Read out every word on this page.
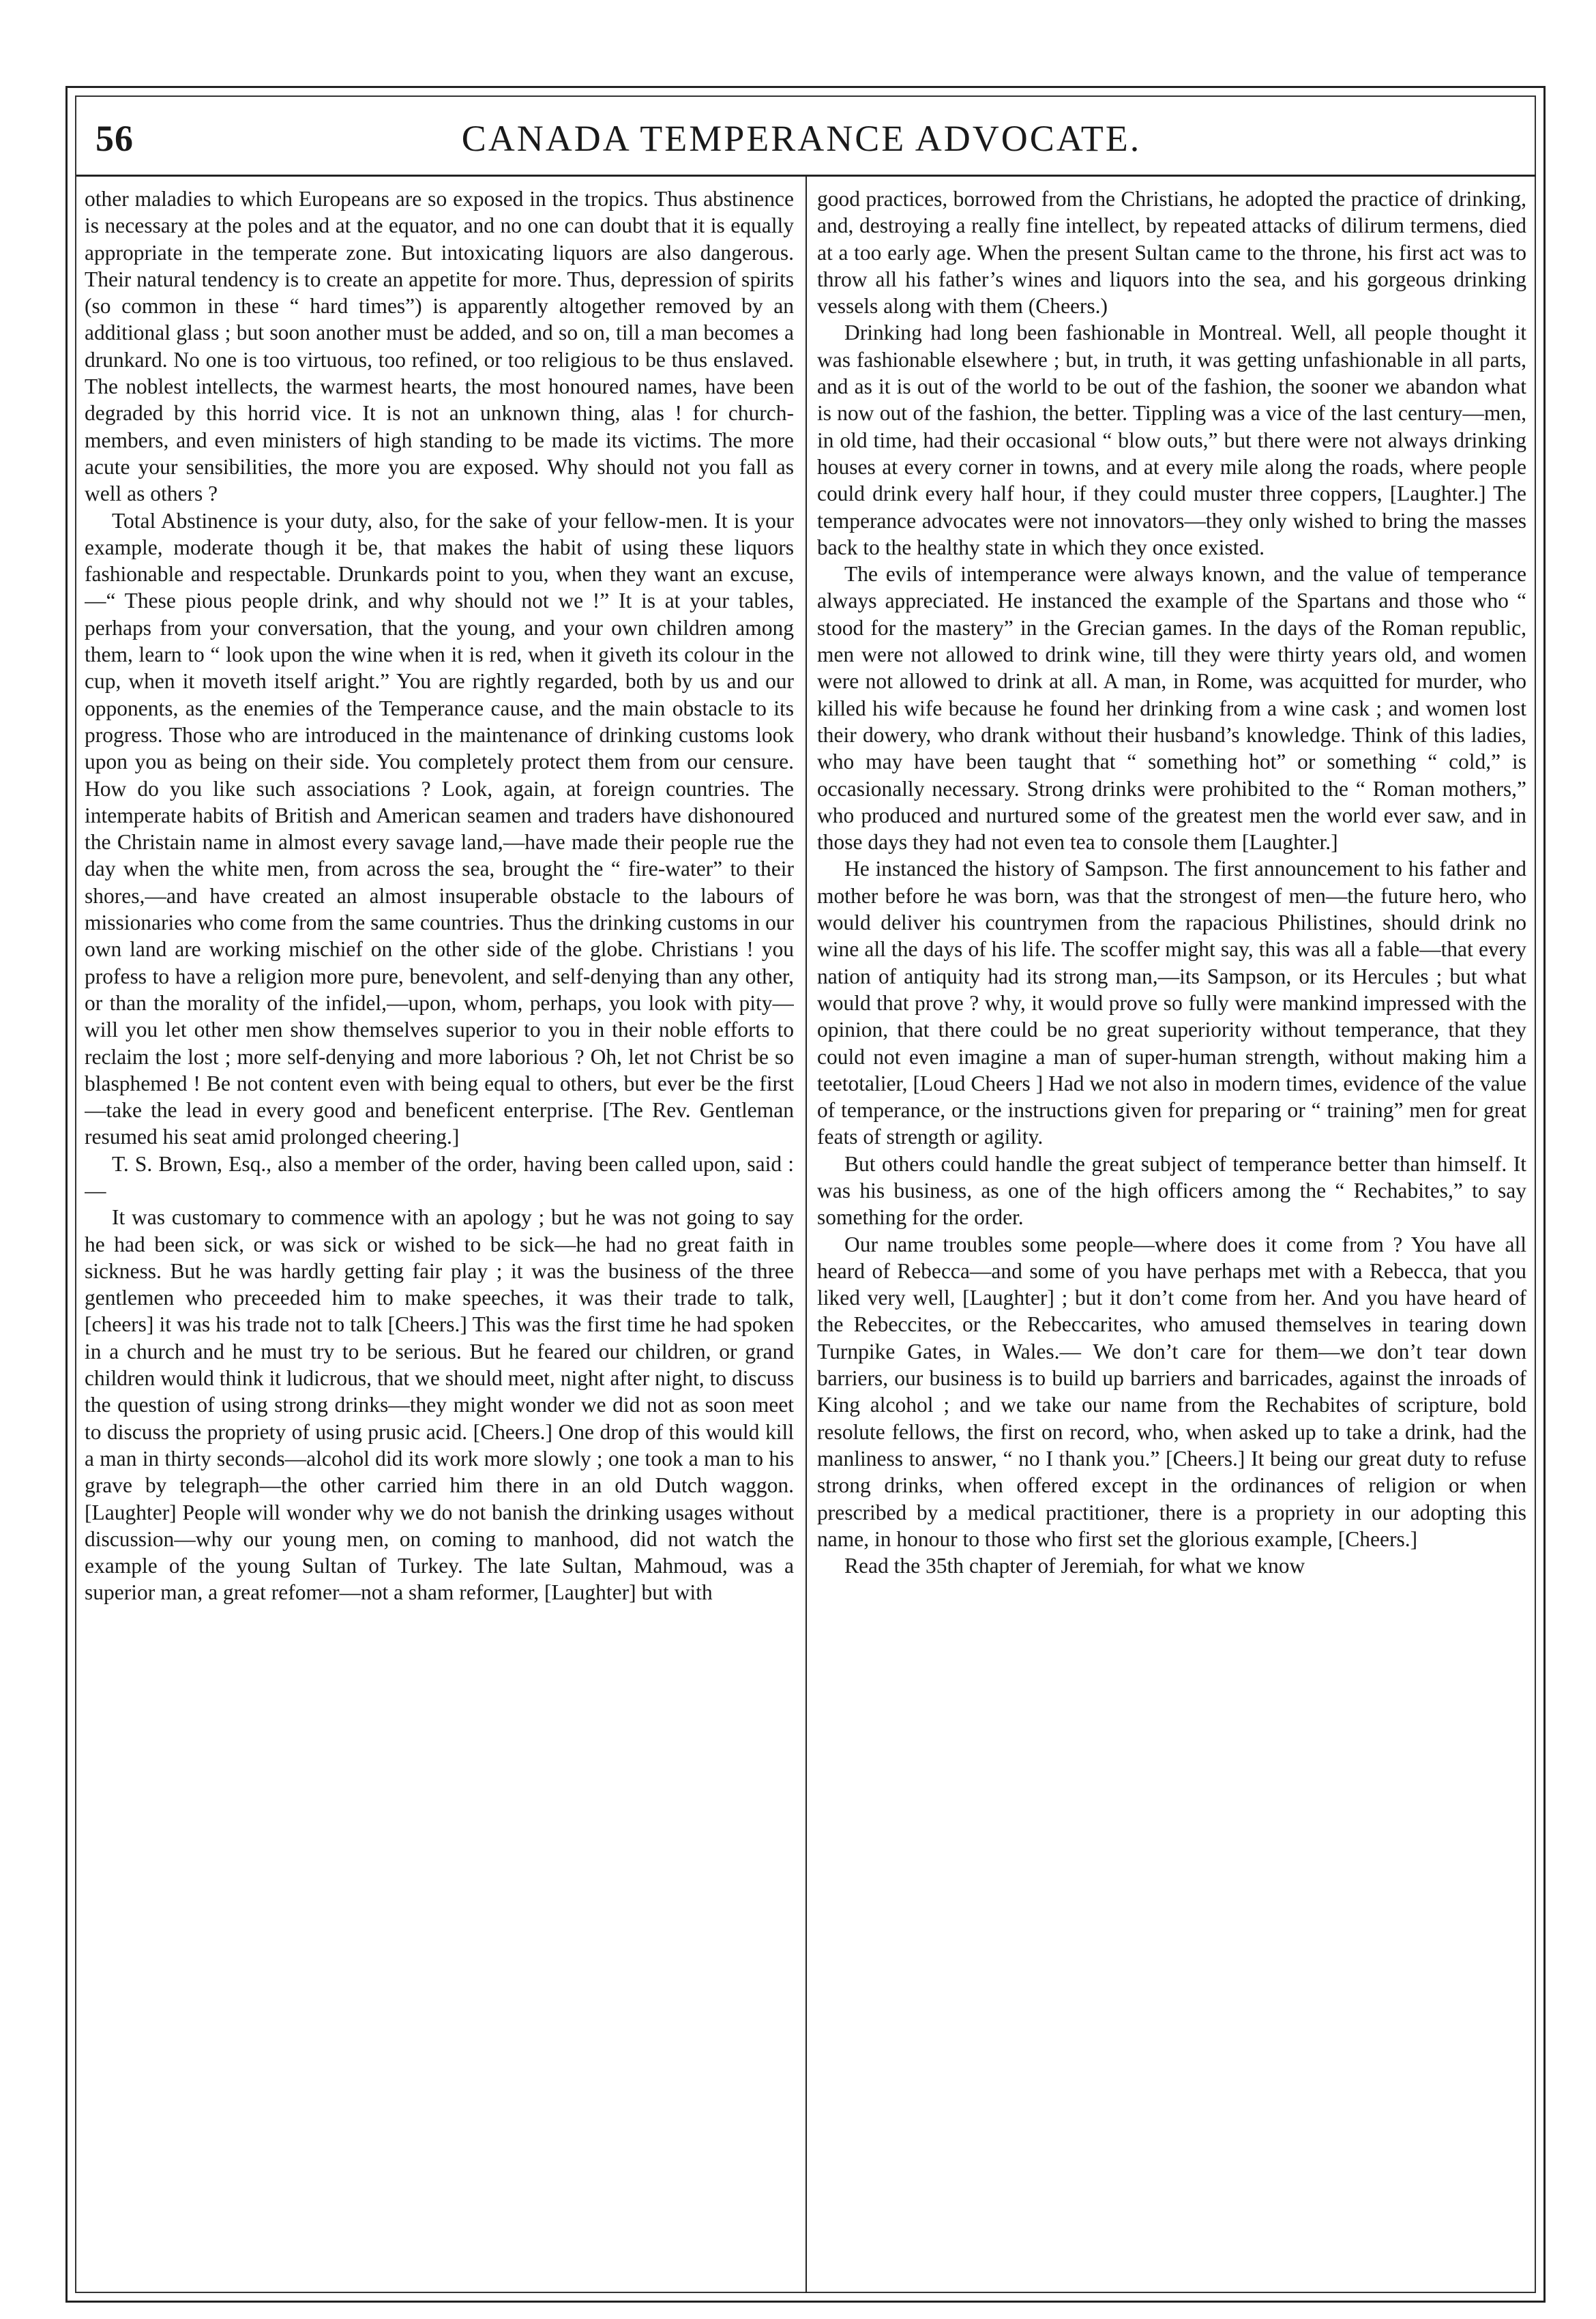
56	CANADA TEMPERANCE ADVOCATE.

other maladies to which Europeans are so exposed in the tropics. Thus abstinence is necessary at the poles and at the equator, and no one can doubt that it is equally appropriate in the temperate zone. But intoxicating liquors are also dangerous. Their natural tendency is to create an appetite for more. Thus, depression of spirits (so common in these “ hard times”) is apparently altogether removed by an additional glass ; but soon another must be added, and so on, till a man becomes a drunkard. No one is too virtuous, too refined, or too religious to be thus enslaved. The noblest intellects, the warmest hearts, the most honoured names, have been degraded by this horrid vice. It is not an unknown thing, alas ! for church-members, and even ministers of high standing to be made its victims. The more acute your sensibilities, the more you are exposed. Why should not you fall as well as others ?

Total Abstinence is your duty, also, for the sake of your fellow-men. It is your example, moderate though it be, that makes the habit of using these liquors fashionable and respectable. Drunkards point to you, when they want an excuse,—“ These pious people drink, and why should not we !” It is at your tables, perhaps from your conversation, that the young, and your own children among them, learn to “ look upon the wine when it is red, when it giveth its colour in the cup, when it moveth itself aright.” You are rightly regarded, both by us and our opponents, as the enemies of the Temperance cause, and the main obstacle to its progress. Those who are introduced in the maintenance of drinking customs look upon you as being on their side. You completely protect them from our censure. How do you like such associations ? Look, again, at foreign countries. The intemperate habits of British and American seamen and traders have dishonoured the Christain name in almost every savage land,—have made their people rue the day when the white men, from across the sea, brought the “ fire-water” to their shores,—and have created an almost insuperable obstacle to the labours of missionaries who come from the same countries. Thus the drinking customs in our own land are working mischief on the other side of the globe. Christians ! you profess to have a religion more pure, benevolent, and self-denying than any other, or than the morality of the infidel,—upon, whom, perhaps, you look with pity—will you let other men show themselves superior to you in their noble efforts to reclaim the lost ; more self-denying and more laborious ? Oh, let not Christ be so blasphemed ! Be not content even with being equal to others, but ever be the first—take the lead in every good and beneficent enterprise. [The Rev. Gentleman resumed his seat amid prolonged cheering.]

T. S. Brown, Esq., also a member of the order, having been called upon, said :—

It was customary to commence with an apology ; but he was not going to say he had been sick, or was sick or wished to be sick—he had no great faith in sickness. But he was hardly getting fair play ; it was the business of the three gentlemen who preceeded him to make speeches, it was their trade to talk, [cheers] it was his trade not to talk [Cheers.] This was the first time he had spoken in a church and he must try to be serious. But he feared our children, or grand children would think it ludicrous, that we should meet, night after night, to discuss the question of using strong drinks—they might wonder we did not as soon meet to discuss the propriety of using prusic acid. [Cheers.] One drop of this would kill a man in thirty seconds—alcohol did its work more slowly ; one took a man to his grave by telegraph—the other carried him there in an old Dutch waggon. [Laughter] People will wonder why we do not banish the drinking usages without discussion—why our young men, on coming to manhood, did not watch the example of the young Sultan of Turkey. The late Sultan, Mahmoud, was a superior man, a great refomer—not a sham reformer, [Laughter] but with

good practices, borrowed from the Christians, he adopted the practice of drinking, and, destroying a really fine intellect, by repeated attacks of dilirum termens, died at a too early age. When the present Sultan came to the throne, his first act was to throw all his father’s wines and liquors into the sea, and his gorgeous drinking vessels along with them (Cheers.)

Drinking had long been fashionable in Montreal. Well, all people thought it was fashionable elsewhere ; but, in truth, it was getting unfashionable in all parts, and as it is out of the world to be out of the fashion, the sooner we abandon what is now out of the fashion, the better. Tippling was a vice of the last century—men, in old time, had their occasional “ blow outs,” but there were not always drinking houses at every corner in towns, and at every mile along the roads, where people could drink every half hour, if they could muster three coppers, [Laughter.] The temperance advocates were not innovators—they only wished to bring the masses back to the healthy state in which they once existed.

The evils of intemperance were always known, and the value of temperance always appreciated. He instanced the example of the Spartans and those who “ stood for the mastery” in the Grecian games. In the days of the Roman republic, men were not allowed to drink wine, till they were thirty years old, and women were not allowed to drink at all. A man, in Rome, was acquitted for murder, who killed his wife because he found her drinking from a wine cask ; and women lost their dowery, who drank without their husband’s knowledge. Think of this ladies, who may have been taught that “ something hot” or something “ cold,” is occasionally necessary. Strong drinks were prohibited to the “ Roman mothers,” who produced and nurtured some of the greatest men the world ever saw, and in those days they had not even tea to console them [Laughter.]

He instanced the history of Sampson. The first announcement to his father and mother before he was born, was that the strongest of men—the future hero, who would deliver his countrymen from the rapacious Philistines, should drink no wine all the days of his life. The scoffer might say, this was all a fable—that every nation of antiquity had its strong man,—its Sampson, or its Hercules ; but what would that prove ? why, it would prove so fully were mankind impressed with the opinion, that there could be no great superiority without temperance, that they could not even imagine a man of super-human strength, without making him a teetotalier, [Loud Cheers ] Had we not also in modern times, evidence of the value of temperance, or the instructions given for preparing or “ training” men for great feats of strength or agility.

But others could handle the great subject of temperance better than himself. It was his business, as one of the high officers among the “ Rechabites,” to say something for the order.

Our name troubles some people—where does it come from ? You have all heard of Rebecca—and some of you have perhaps met with a Rebecca, that you liked very well, [Laughter] ; but it don’t come from her. And you have heard of the Rebeccites, or the Rebeccarites, who amused themselves in tearing down Turnpike Gates, in Wales.— We don’t care for them—we don’t tear down barriers, our business is to build up barriers and barricades, against the inroads of King alcohol ; and we take our name from the Rechabites of scripture, bold resolute fellows, the first on record, who, when asked up to take a drink, had the manliness to answer, “ no I thank you.” [Cheers.] It being our great duty to refuse strong drinks, when offered except in the ordinances of religion or when prescribed by a medical practitioner, there is a propriety in our adopting this name, in honour to those who first set the glorious example, [Cheers.]

Read the 35th chapter of Jeremiah, for what we know
